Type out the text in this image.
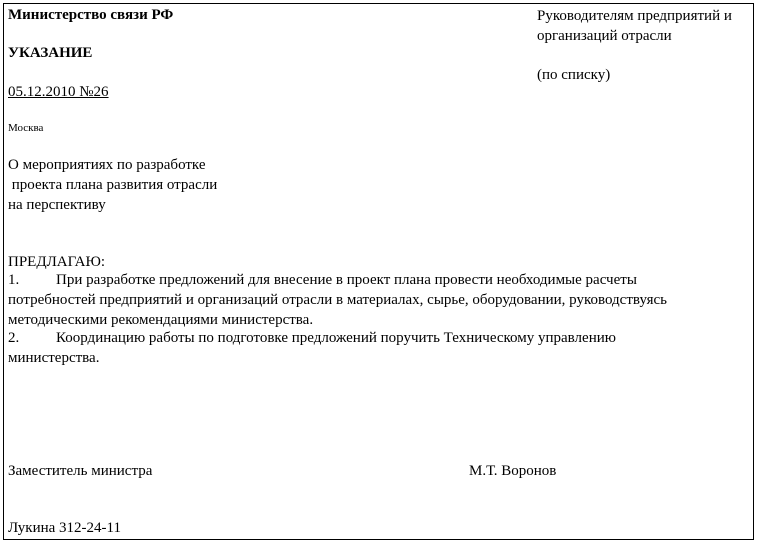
Министерство связи РФ
УКАЗАНИЕ
05.12.2010 №26
Москва
Руководителям предприятий и
организаций отрасли
(по списку)
О мероприятиях по разработке
проекта плана развития отрасли
на перспективу
ПРЕДЛАГАЮ:
1. При разработке предложений для внесение в проект плана провести необходимые расчеты
потребностей предприятий и организаций отрасли в материалах, сырье, оборудовании, руководствуясь
методическими рекомендациями министерства.
2. Координацию работы по подготовке предложений поручить Техническому управлению
министерства.
Заместитель министра	М.Т. Воронов
Лукина 312-24-11
